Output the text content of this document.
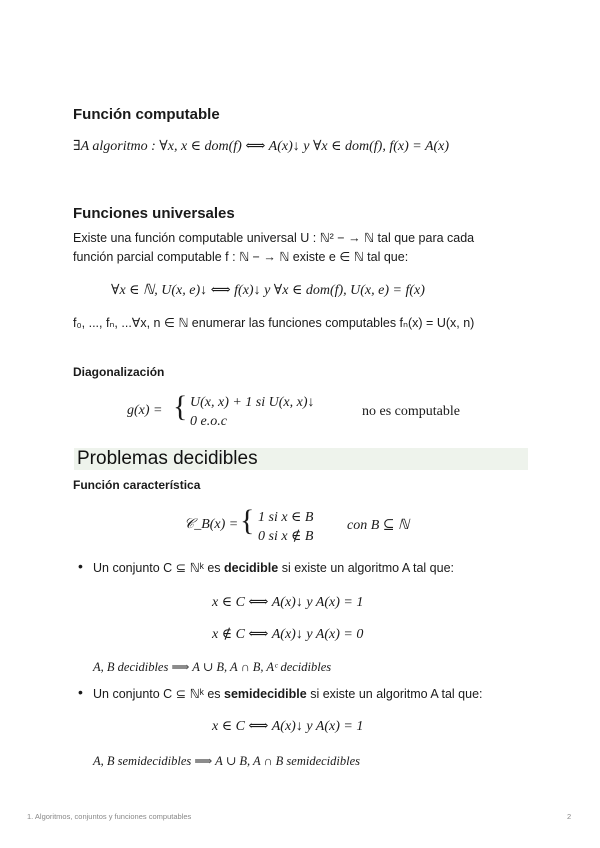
Función computable
∃A algoritmo : ∀x, x ∈ dom(f) ⟺ A(x)↓ y ∀x ∈ dom(f), f(x) = A(x)
Funciones universales
Existe una función computable universal U : ℕ² − → ℕ tal que para cada
función parcial computable f : ℕ − → ℕ existe e ∈ ℕ tal que:
∀x ∈ ℕ, U(x, e)↓ ⟺ f(x)↓ y ∀x ∈ dom(f), U(x, e) = f(x)
f₀, ..., fₙ, ...∀x, n ∈ ℕ enumerar las funciones computables fₙ(x) = U(x, n)
Diagonalización
g(x) = { U(x, x) + 1 si U(x, x)↓
0 e.o.c
no es computable
Problemas decidibles
Función característica
𝒞_B(x) = { 1 si x ∈ B
0 si x ∉ B
con B ⊆ ℕ
• Un conjunto C ⊆ ℕᵏ es decidible si existe un algoritmo A tal que:
x ∈ C ⟺ A(x)↓ y A(x) = 1
x ∉ C ⟺ A(x)↓ y A(x) = 0
A, B decidibles ⟹ A ∪ B, A ∩ B, Aᶜ decidibles
• Un conjunto C ⊆ ℕᵏ es semidecidible si existe un algoritmo A tal que:
x ∈ C ⟺ A(x)↓ y A(x) = 1
A, B semidecidibles ⟹ A ∪ B, A ∩ B semidecidibles
1. Algoritmos, conjuntos y funciones computables	2
